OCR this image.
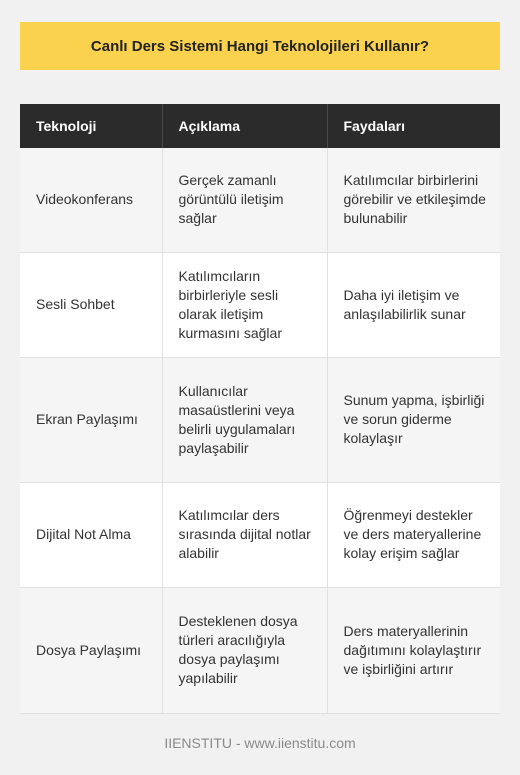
Canlı Ders Sistemi Hangi Teknolojileri Kullanır?
Teknoloji	Açıklama	Faydaları
Videokonferans	Gerçek zamanlı görüntülü iletişim sağlar	Katılımcılar birbirlerini görebilir ve etkileşimde bulunabilir
Sesli Sohbet	Katılımcıların birbirleriyle sesli olarak iletişim kurmasını sağlar	Daha iyi iletişim ve anlaşılabilirlik sunar
Ekran Paylaşımı	Kullanıcılar masaüstlerini veya belirli uygulamaları paylaşabilir	Sunum yapma, işbirliği ve sorun giderme kolaylaşır
Dijital Not Alma	Katılımcılar ders sırasında dijital notlar alabilir	Öğrenmeyi destekler ve ders materyallerine kolay erişim sağlar
Dosya Paylaşımı	Desteklenen dosya türleri aracılığıyla dosya paylaşımı yapılabilir	Ders materyallerinin dağıtımını kolaylaştırır ve işbirliğini artırır
IIENSTITU - www.iienstitu.com
